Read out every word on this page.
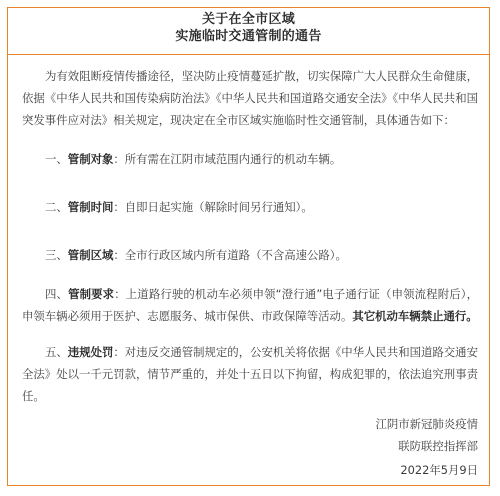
关于在全市区域
实施临时交通管制的通告

为有效阻断疫情传播途径，坚决防止疫情蔓延扩散，切实保障广大人民群众生命健康，依据《中华人民共和国传染病防治法》《中华人民共和国道路交通安全法》《中华人民共和国突发事件应对法》相关规定，现决定在全市区域实施临时性交通管制，具体通告如下：

一、管制对象：所有需在江阴市域范围内通行的机动车辆。

二、管制时间：自即日起实施（解除时间另行通知）。

三、管制区域：全市行政区域内所有道路（不含高速公路）。

四、管制要求：上道路行驶的机动车必须申领“澄行通”电子通行证（申领流程附后），申领车辆必须用于医护、志愿服务、城市保供、市政保障等活动。其它机动车辆禁止通行。

五、违规处罚：对违反交通管制规定的，公安机关将依据《中华人民共和国道路交通安全法》处以一千元罚款，情节严重的，并处十五日以下拘留，构成犯罪的，依法追究刑事责任。

江阴市新冠肺炎疫情
联防联控指挥部
2022年5月9日
